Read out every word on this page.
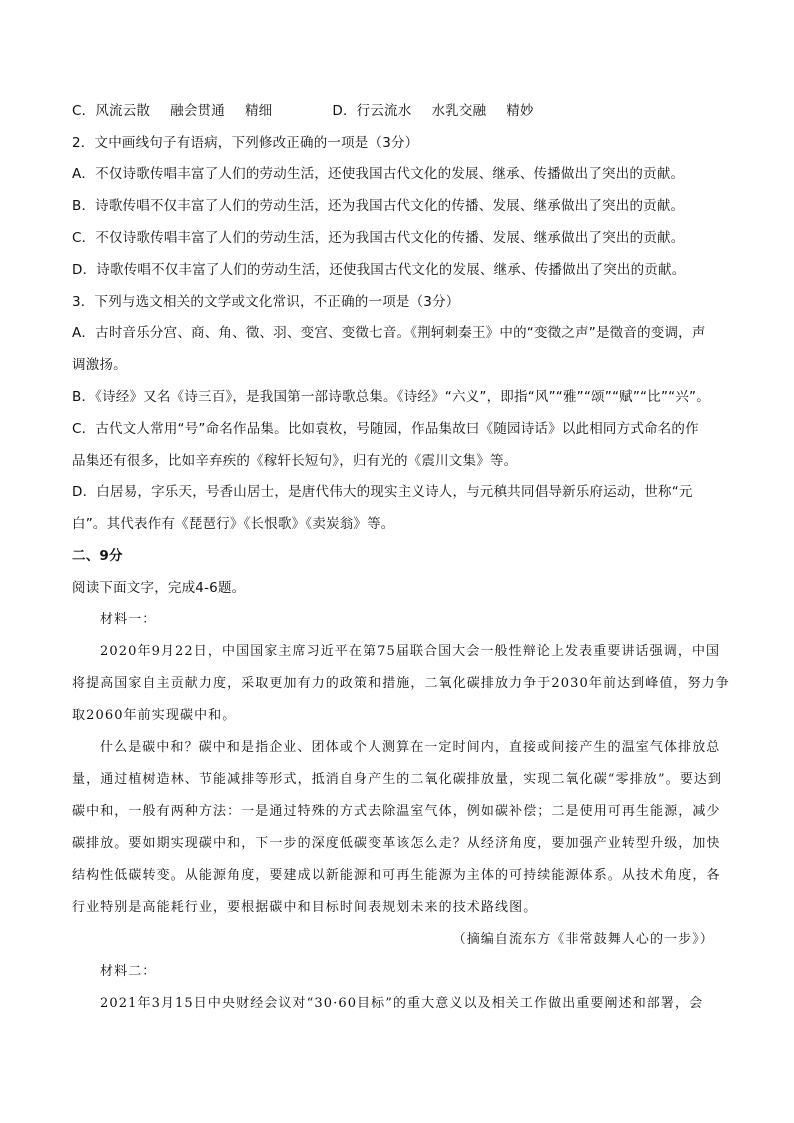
C．风流云散 融会贯通 精细	D．行云流水 水乳交融 精妙
2．文中画线句子有语病，下列修改正确的一项是（3分）
A．不仅诗歌传唱丰富了人们的劳动生活，还使我国古代文化的发展、继承、传播做出了突出的贡献。
B．诗歌传唱不仅丰富了人们的劳动生活，还为我国古代文化的传播、发展、继承做出了突出的贡献。
C．不仅诗歌传唱丰富了人们的劳动生活，还为我国古代文化的传播、发展、继承做出了突出的贡献。
D．诗歌传唱不仅丰富了人们的劳动生活，还使我国古代文化的发展、继承、传播做出了突出的贡献。
3．下列与选文相关的文学或文化常识，不正确的一项是（3分）
A．古时音乐分宫、商、角、徵、羽、变宫、变徵七音。《荆轲刺秦王》中的“变徵之声”是徵音的变调，声
调激扬。
B．《诗经》又名《诗三百》，是我国第一部诗歌总集。《诗经》“六义”，即指“风”“雅”“颂”“赋”“比”“兴”。
C．古代文人常用“号”命名作品集。比如袁枚，号随园，作品集故曰《随园诗话》以此相同方式命名的作
品集还有很多，比如辛弃疾的《稼轩长短句》，归有光的《震川文集》等。
D．白居易，字乐天，号香山居士，是唐代伟大的现实主义诗人，与元稹共同倡导新乐府运动，世称“元
白”。其代表作有《琵琶行》《长恨歌》《卖炭翁》等。
二、9分
阅读下面文字，完成4-6题。
材料一：
2020年9月22日，中国国家主席习近平在第75届联合国大会一般性辩论上发表重要讲话强调，中国
将提高国家自主贡献力度，采取更加有力的政策和措施，二氧化碳排放力争于2030年前达到峰值，努力争
取2060年前实现碳中和。
什么是碳中和？碳中和是指企业、团体或个人测算在一定时间内，直接或间接产生的温室气体排放总
量，通过植树造林、节能减排等形式，抵消自身产生的二氧化碳排放量，实现二氧化碳“零排放”。要达到
碳中和，一般有两种方法：一是通过特殊的方式去除温室气体，例如碳补偿；二是使用可再生能源，减少
碳排放。要如期实现碳中和，下一步的深度低碳变革该怎么走？从经济角度，要加强产业转型升级，加快
结构性低碳转变。从能源角度，要建成以新能源和可再生能源为主体的可持续能源体系。从技术角度，各
行业特别是高能耗行业，要根据碳中和目标时间表规划未来的技术路线图。
（摘编自流东方《非常鼓舞人心的一步》）
材料二：
2021年3月15日中央财经会议对“30·60目标”的重大意义以及相关工作做出重要阐述和部署，会
